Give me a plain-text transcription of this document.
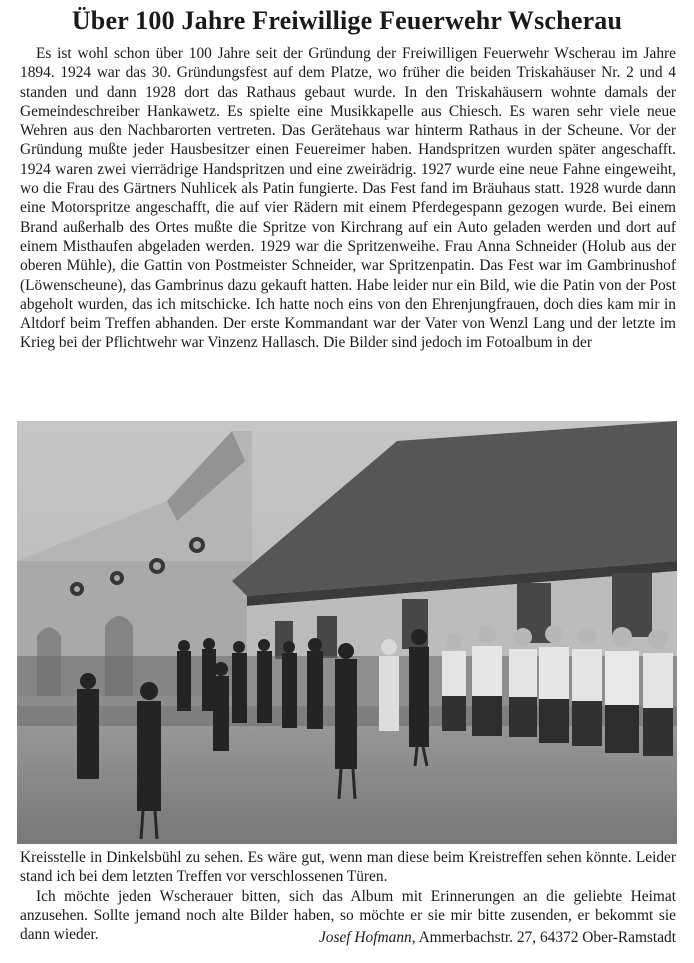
Über 100 Jahre Freiwillige Feuerwehr Wscherau
Es ist wohl schon über 100 Jahre seit der Gründung der Freiwilligen Feuerwehr Wscherau im Jahre 1894. 1924 war das 30. Gründungsfest auf dem Platze, wo früher die beiden Triskahäuser Nr. 2 und 4 standen und dann 1928 dort das Rathaus gebaut wurde. In den Triskahäusern wohnte damals der Gemeindeschreiber Hankawetz. Es spielte eine Musikkapelle aus Chiesch. Es waren sehr viele neue Wehren aus den Nachbarorten vertreten. Das Gerätehaus war hinterm Rathaus in der Scheune. Vor der Gründung mußte jeder Hausbesitzer einen Feuereimer haben. Handspritzen wurden später angeschafft. 1924 waren zwei vierrädrige Handspritzen und eine zweirädrig. 1927 wurde eine neue Fahne eingeweiht, wo die Frau des Gärtners Nuhlicek als Patin fungierte. Das Fest fand im Bräuhaus statt. 1928 wurde dann eine Motorspritze angeschafft, die auf vier Rädern mit einem Pferdegespann gezogen wurde. Bei einem Brand außerhalb des Ortes mußte die Spritze von Kirchrang auf ein Auto geladen werden und dort auf einem Misthaufen abgeladen werden. 1929 war die Spritzenweihe. Frau Anna Schneider (Holub aus der oberen Mühle), die Gattin von Postmeister Schneider, war Spritzenpatin. Das Fest war im Gambrinushof (Löwenscheune), das Gambrinus dazu gekauft hatten. Habe leider nur ein Bild, wie die Patin von der Post abgeholt wurden, das ich mitschicke. Ich hatte noch eins von den Ehrenjungfrauen, doch dies kam mir in Altdorf beim Treffen abhanden. Der erste Kommandant war der Vater von Wenzl Lang und der letzte im Krieg bei der Pflichtwehr war Vinzenz Hallasch. Die Bilder sind jedoch im Fotoalbum in der

Kreisstelle in Dinkelsbühl zu sehen. Es wäre gut, wenn man diese beim Kreistreffen sehen könnte. Leider stand ich bei dem letzten Treffen vor verschlossenen Türen.

Ich möchte jeden Wscherauer bitten, sich das Album mit Erinnerungen an die geliebte Heimat anzusehen. Sollte jemand noch alte Bilder haben, so möchte er sie mir bitte zusenden, er bekommt sie dann wieder.	Josef Hofmann, Ammerbachstr. 27, 64372 Ober-Ramstadt
